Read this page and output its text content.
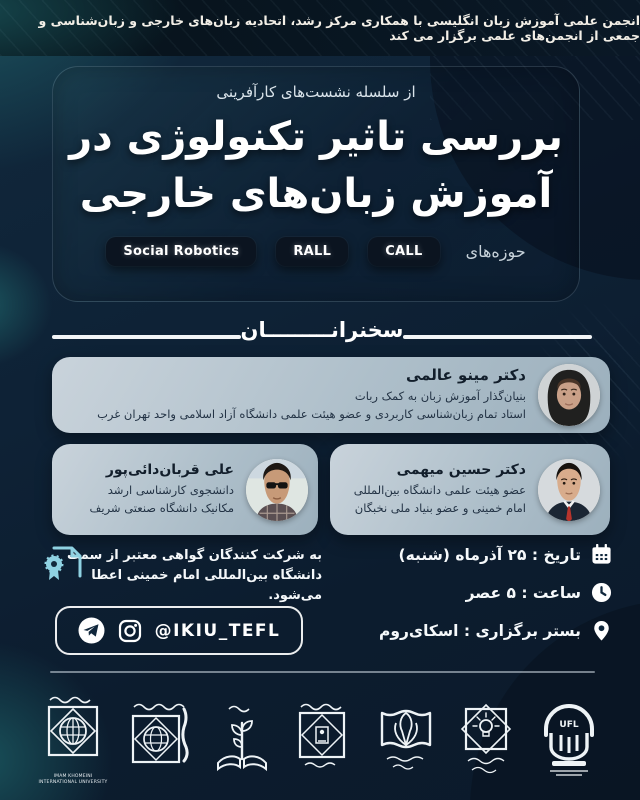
انجمن علمی آموزش زبان انگلیسی با همکاری مرکز رشد، اتحادیه زبان‌های خارجی و زبان‌شناسی و جمعی از انجمن‌های علمی برگزار می کند
از سلسله نشست‌های کارآفرینی
بررسی تاثیر تکنولوژی در
آموزش زبان‌های خارجی
حوزه‌های
CALL
RALL
Social Robotics
سخنرانـــــــــان
دکتر مینو عالمی
بنیان‌گذار آموزش زبان به کمک ربات
استاد تمام زبان‌شناسی کاربردی و عضو هیئت علمی دانشگاه آزاد اسلامی واحد تهران غرب
علی قربان‌دائی‌پور
دانشجوی کارشناسی ارشد
مکانیک دانشگاه صنعتی شریف
دکتر حسین میهمی
عضو هیئت علمی دانشگاه بین‌المللی
امام خمینی و عضو بنیاد ملی نخبگان
به شرکت کنندگان گواهی معتبر از سمت
دانشگاه بین‌المللی امام خمینی اعطا می‌شود.
@IKIU_TEFL
تاریخ : ۲۵ آذرماه (شنبه)
ساعت : ۵ عصر
بستر برگزاری : اسکای‌روم
IMAM KHOMEINI INTERNATIONAL UNIVERSITY
UFL
